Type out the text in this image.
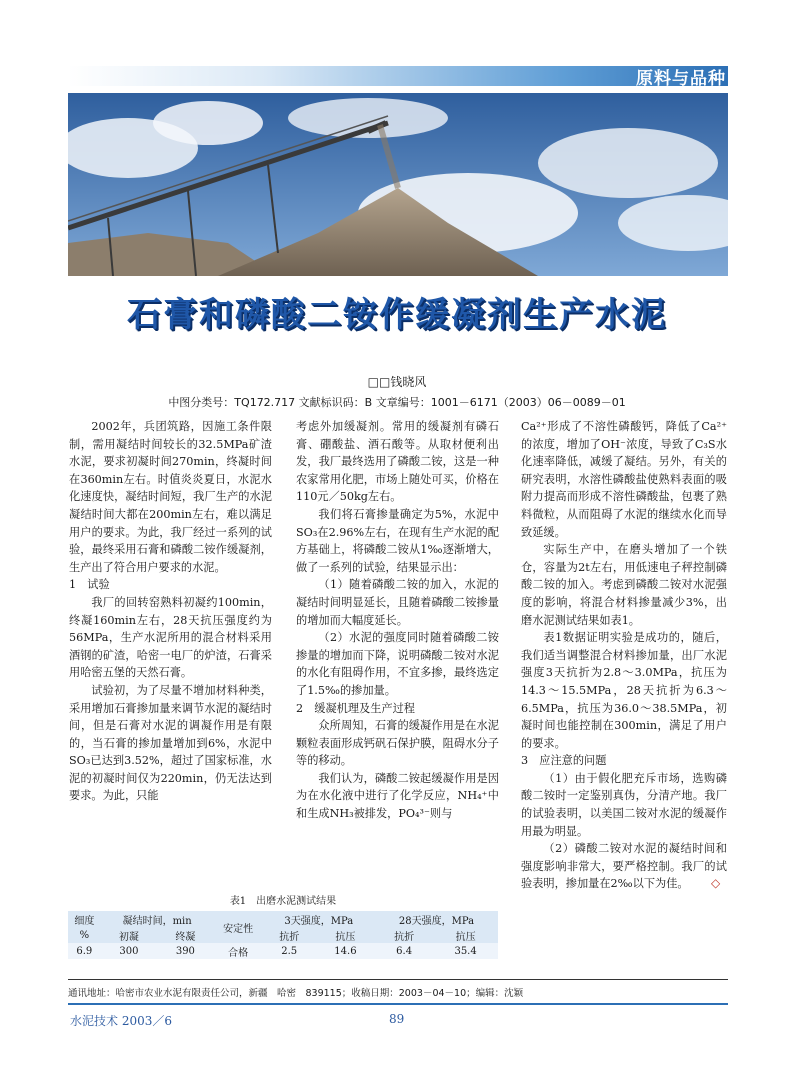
原料与品种
石膏和磷酸二铵作缓凝剂生产水泥
□□钱晓风
中图分类号：TQ172.717 文献标识码：B 文章编号：1001－6171（2003）06－0089－01

2002年，兵团筑路，因施工条件限制，需用凝结时间较长的32.5MPa矿渣水泥，要求初凝时间270min，终凝时间在360min左右。时值炎炎夏日，水泥水化速度快，凝结时间短，我厂生产的水泥凝结时间大都在200min左右，难以满足用户的要求。为此，我厂经过一系列的试验，最终采用石膏和磷酸二铵作缓凝剂，生产出了符合用户要求的水泥。

1　试验

我厂的回转窑熟料初凝约100min，终凝160min左右，28天抗压强度约为56MPa，生产水泥所用的混合材料采用酒钢的矿渣，哈密一电厂的炉渣，石膏采用哈密五堡的天然石膏。

试验初，为了尽量不增加材料种类，采用增加石膏掺加量来调节水泥的凝结时间，但是石膏对水泥的调凝作用是有限的，当石膏的掺加量增加到6%，水泥中SO₃已达到3.52%，超过了国家标准，水泥的初凝时间仅为220min，仍无法达到要求。为此，只能

考虑外加缓凝剂。常用的缓凝剂有磷石膏、硼酸盐、酒石酸等。从取材便利出发，我厂最终选用了磷酸二铵，这是一种农家常用化肥，市场上随处可买，价格在110元／50kg左右。

我们将石膏掺量确定为5%，水泥中SO₃在2.96%左右，在现有生产水泥的配方基础上，将磷酸二铵从1‰逐渐增大，做了一系列的试验，结果显示出：

（1）随着磷酸二铵的加入，水泥的凝结时间明显延长，且随着磷酸二铵掺量的增加而大幅度延长。

（2）水泥的强度同时随着磷酸二铵掺量的增加而下降，说明磷酸二铵对水泥的水化有阻碍作用，不宜多掺，最终选定了1.5‰的掺加量。

2　缓凝机理及生产过程

众所周知，石膏的缓凝作用是在水泥颗粒表面形成钙矾石保护膜，阻碍水分子等的移动。

我们认为，磷酸二铵起缓凝作用是因为在水化液中进行了化学反应，NH₄⁺中和生成NH₃被排发，PO₄³⁻则与

Ca²⁺形成了不溶性磷酸钙，降低了Ca²⁺的浓度，增加了OH⁻浓度，导致了C₃S水化速率降低，减缓了凝结。另外，有关的研究表明，水溶性磷酸盐使熟料表面的吸附力提高而形成不溶性磷酸盐，包裹了熟料微粒，从而阻碍了水泥的继续水化而导致延缓。

实际生产中，在磨头增加了一个铁仓，容量为2t左右，用低速电子秤控制磷酸二铵的加入。考虑到磷酸二铵对水泥强度的影响，将混合材料掺量减少3%，出磨水泥测试结果如表1。

表1数据证明实验是成功的，随后，我们适当调整混合材料掺加量，出厂水泥强度3天抗折为2.8～3.0MPa，抗压为14.3～15.5MPa，28天抗折为6.3～6.5MPa，抗压为36.0～38.5MPa，初凝时间也能控制在300min，满足了用户的要求。

3　应注意的问题

（1）由于假化肥充斥市场，选购磷酸二铵时一定鉴别真伪，分清产地。我厂的试验表明，以美国二铵对水泥的缓凝作用最为明显。

（2）磷酸二铵对水泥的凝结时间和强度影响非常大，要严格控制。我厂的试验表明，掺加量在2‰以下为佳。 ◇

表1　出磨水泥测试结果
细度	凝结时间，min		安定性	3天强度，MPa		28天强度，MPa	
%	初凝	终凝		抗折	抗压	抗折	抗压
6.9	300	390	合格	2.5	14.6	6.4	35.4
通讯地址：哈密市农业水泥有限责任公司，新疆　哈密　839115；收稿日期：2003－04－10；编辑：沈颖
水泥技术 2003／6	89
